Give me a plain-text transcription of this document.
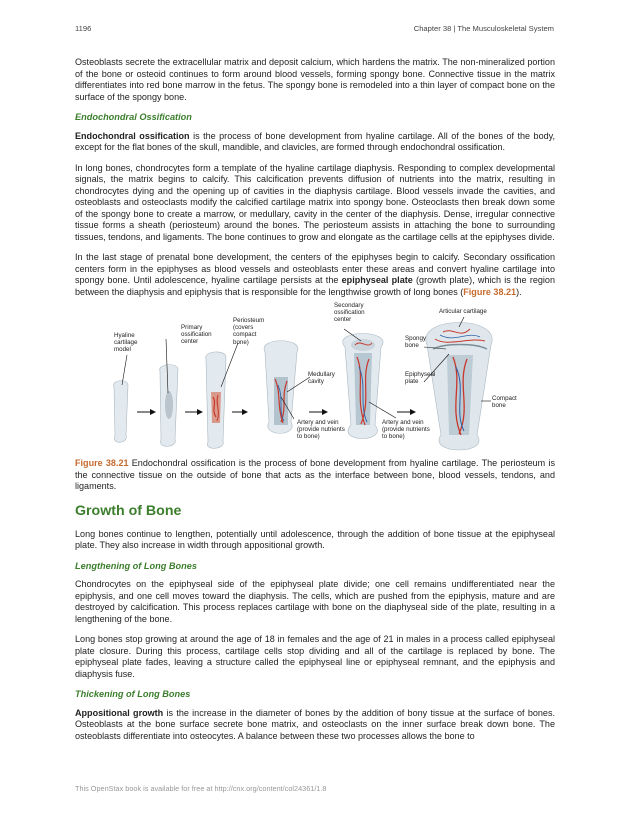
1196	Chapter 38 | The Musculoskeletal System

Osteoblasts secrete the extracellular matrix and deposit calcium, which hardens the matrix. The non-mineralized portion of the bone or osteoid continues to form around blood vessels, forming spongy bone. Connective tissue in the matrix differentiates into red bone marrow in the fetus. The spongy bone is remodeled into a thin layer of compact bone on the surface of the spongy bone.

Endochondral Ossification

Endochondral ossification is the process of bone development from hyaline cartilage. All of the bones of the body, except for the flat bones of the skull, mandible, and clavicles, are formed through endochondral ossification.

In long bones, chondrocytes form a template of the hyaline cartilage diaphysis. Responding to complex developmental signals, the matrix begins to calcify. This calcification prevents diffusion of nutrients into the matrix, resulting in chondrocytes dying and the opening up of cavities in the diaphysis cartilage. Blood vessels invade the cavities, and osteoblasts and osteoclasts modify the calcified cartilage matrix into spongy bone. Osteoclasts then break down some of the spongy bone to create a marrow, or medullary, cavity in the center of the diaphysis. Dense, irregular connective tissue forms a sheath (periosteum) around the bones. The periosteum assists in attaching the bone to surrounding tissues, tendons, and ligaments. The bone continues to grow and elongate as the cartilage cells at the epiphyses divide.

In the last stage of prenatal bone development, the centers of the epiphyses begin to calcify. Secondary ossification centers form in the epiphyses as blood vessels and osteoblasts enter these areas and convert hyaline cartilage into spongy bone. Until adolescence, hyaline cartilage persists at the epiphyseal plate (growth plate), which is the region between the diaphysis and epiphysis that is responsible for the lengthwise growth of long bones (Figure 38.21).

Hyaline
cartilage
model
Primary
ossification
center
Periosteum
(covers
compact
bone)
Medullary
cavity
Artery and vein
(provide nutrients
to bone)
Secondary
ossification
center
Artery and vein
(provide nutrients
to bone)
Spongy
bone
Epiphyseal
plate
Articular cartilage
Compact
bone
Figure 38.21 Endochondral ossification is the process of bone development from hyaline cartilage. The periosteum is the connective tissue on the outside of bone that acts as the interface between bone, blood vessels, tendons, and ligaments.
Growth of Bone

Long bones continue to lengthen, potentially until adolescence, through the addition of bone tissue at the epiphyseal plate. They also increase in width through appositional growth.

Lengthening of Long Bones

Chondrocytes on the epiphyseal side of the epiphyseal plate divide; one cell remains undifferentiated near the epiphysis, and one cell moves toward the diaphysis. The cells, which are pushed from the epiphysis, mature and are destroyed by calcification. This process replaces cartilage with bone on the diaphyseal side of the plate, resulting in a lengthening of the bone.

Long bones stop growing at around the age of 18 in females and the age of 21 in males in a process called epiphyseal plate closure. During this process, cartilage cells stop dividing and all of the cartilage is replaced by bone. The epiphyseal plate fades, leaving a structure called the epiphyseal line or epiphyseal remnant, and the epiphysis and diaphysis fuse.

Thickening of Long Bones

Appositional growth is the increase in the diameter of bones by the addition of bony tissue at the surface of bones. Osteoblasts at the bone surface secrete bone matrix, and osteoclasts on the inner surface break down bone. The osteoblasts differentiate into osteocytes. A balance between these two processes allows the bone to

This OpenStax book is available for free at http://cnx.org/content/col24361/1.8
